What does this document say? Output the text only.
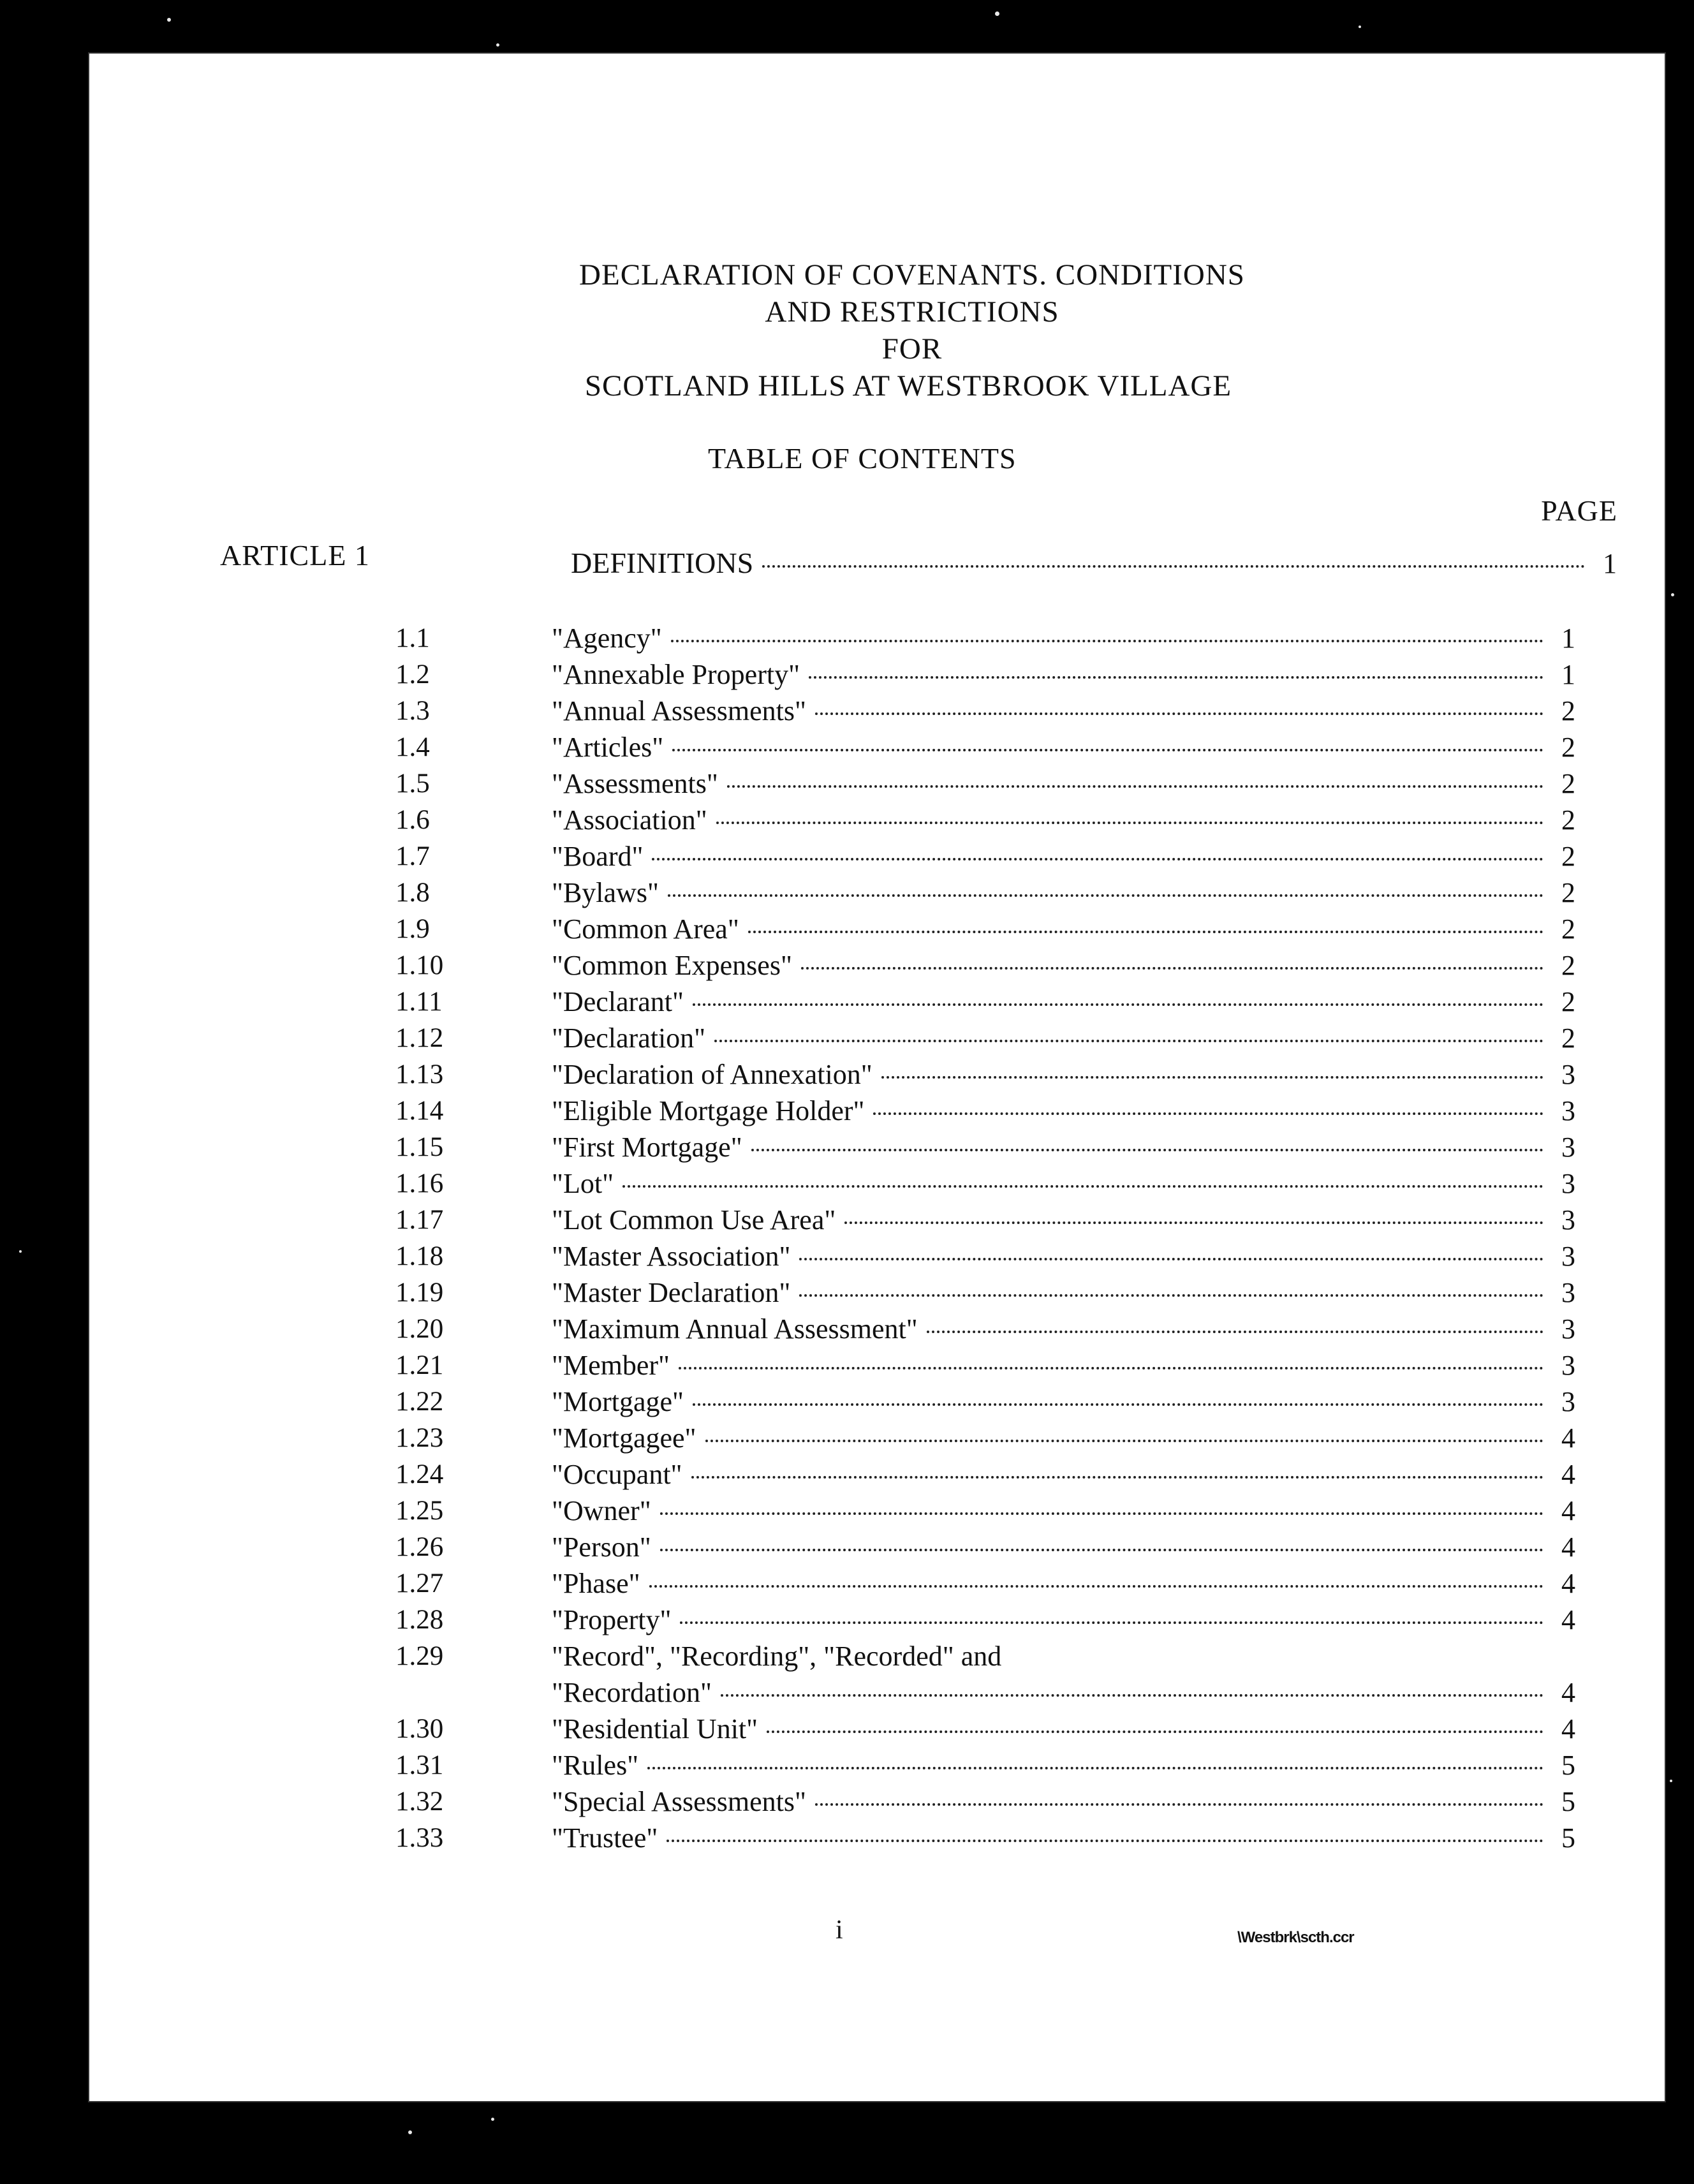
DECLARATION OF COVENANTS. CONDITIONS
AND RESTRICTIONS
FOR
SCOTLAND HILLS AT WESTBROOK VILLAGE
TABLE OF CONTENTS
PAGE
ARTICLE 1	DEFINITIONS	1
1.1	"Agency"	1
1.2	"Annexable Property"	1
1.3	"Annual Assessments"	2
1.4	"Articles"	2
1.5	"Assessments"	2
1.6	"Association"	2
1.7	"Board"	2
1.8	"Bylaws"	2
1.9	"Common Area"	2
1.10	"Common Expenses"	2
1.11	"Declarant"	2
1.12	"Declaration"	2
1.13	"Declaration of Annexation"	3
1.14	"Eligible Mortgage Holder"	3
1.15	"First Mortgage"	3
1.16	"Lot"	3
1.17	"Lot Common Use Area"	3
1.18	"Master Association"	3
1.19	"Master Declaration"	3
1.20	"Maximum Annual Assessment"	3
1.21	"Member"	3
1.22	"Mortgage"	3
1.23	"Mortgagee"	4
1.24	"Occupant"	4
1.25	"Owner"	4
1.26	"Person"	4
1.27	"Phase"	4
1.28	"Property"	4
1.29	"Record", "Recording", "Recorded" and
"Recordation"	4
1.30	"Residential Unit"	4
1.31	"Rules"	5
1.32	"Special Assessments"	5
1.33	"Trustee"	5
i	\Westbrk\scth.ccr
